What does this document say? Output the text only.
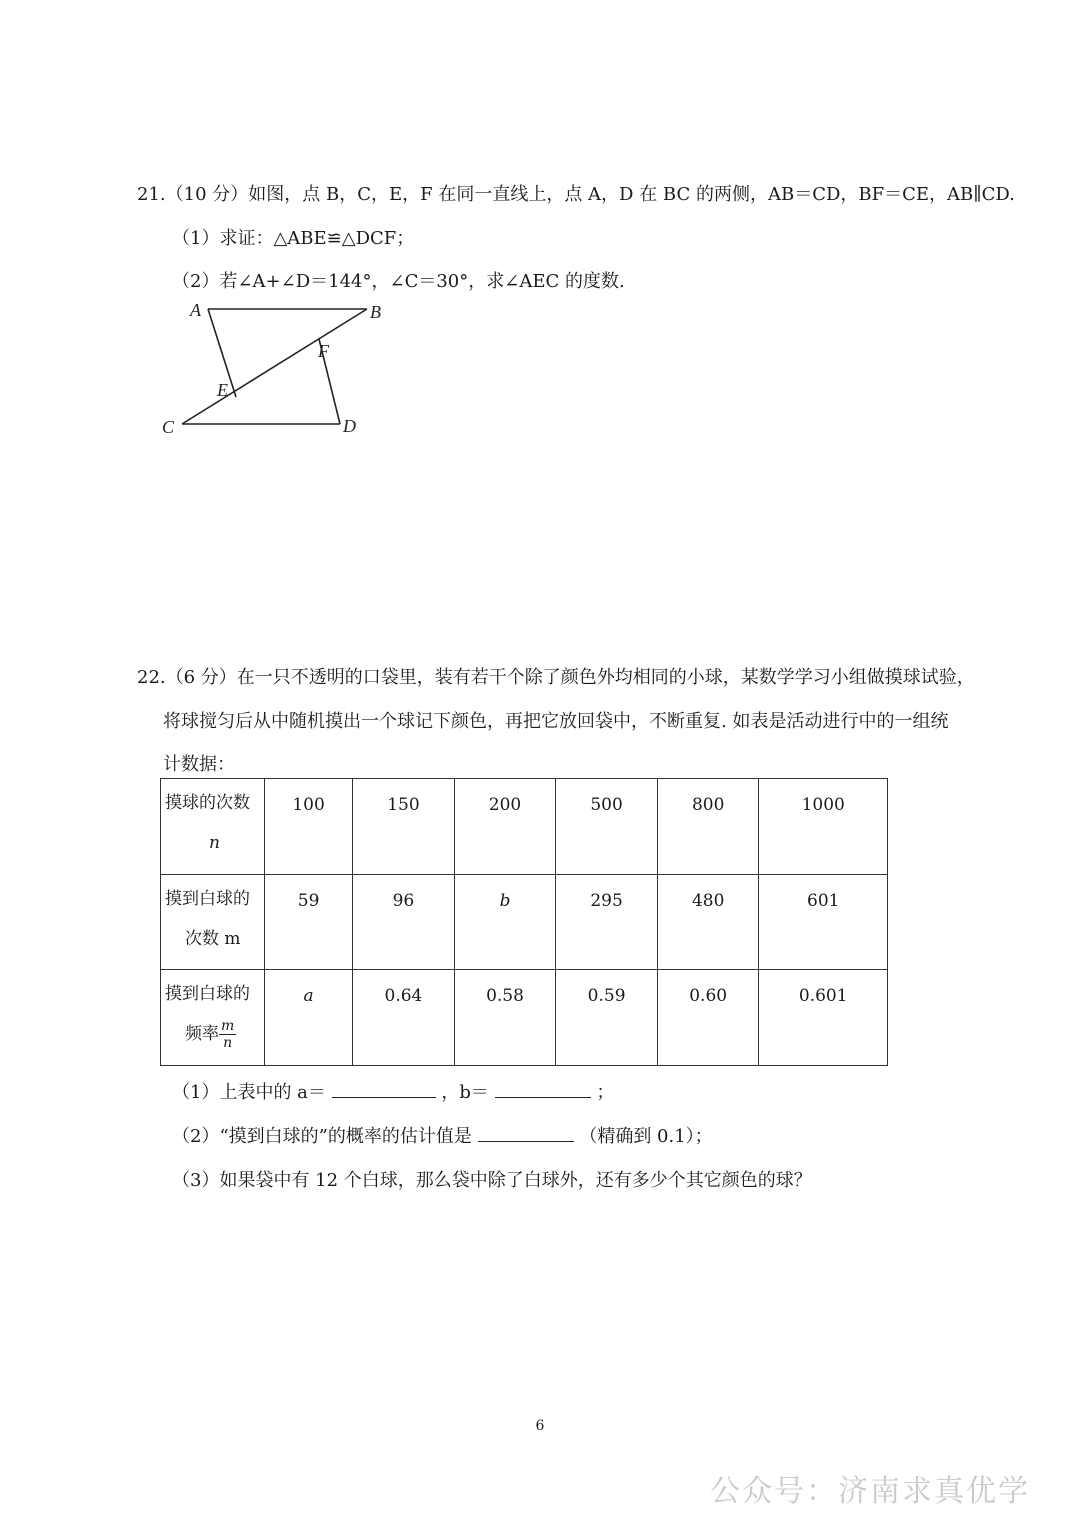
21.（10 分）如图，点 B，C，E，F 在同一直线上，点 A，D 在 BC 的两侧，AB＝CD，BF＝CE，AB∥CD.
（1）求证：△ABE≌△DCF；
（2）若∠A+∠D＝144°，∠C＝30°，求∠AEC 的度数.
A	B
C	D
E
F
22.（6 分）在一只不透明的口袋里，装有若干个除了颜色外均相同的小球，某数学学习小组做摸球试验，
将球搅匀后从中随机摸出一个球记下颜色，再把它放回袋中，不断重复. 如表是活动进行中的一组统
计数据：
摸球的次数
n	100	150	200	500	800	1000

摸到白球的
次数 m	59	96	b	295	480	601

摸到白球的
频率 $\frac{m}{n}$	a	0.64	0.58	0.59	0.60	0.601
（1）上表中的 a＝	，b＝	；
（2）“摸到白球的”的概率的估计值是	（精确到 0.1）；
（3）如果袋中有 12 个白球，那么袋中除了白球外，还有多少个其它颜色的球？
6
公众号：济南求真优学
